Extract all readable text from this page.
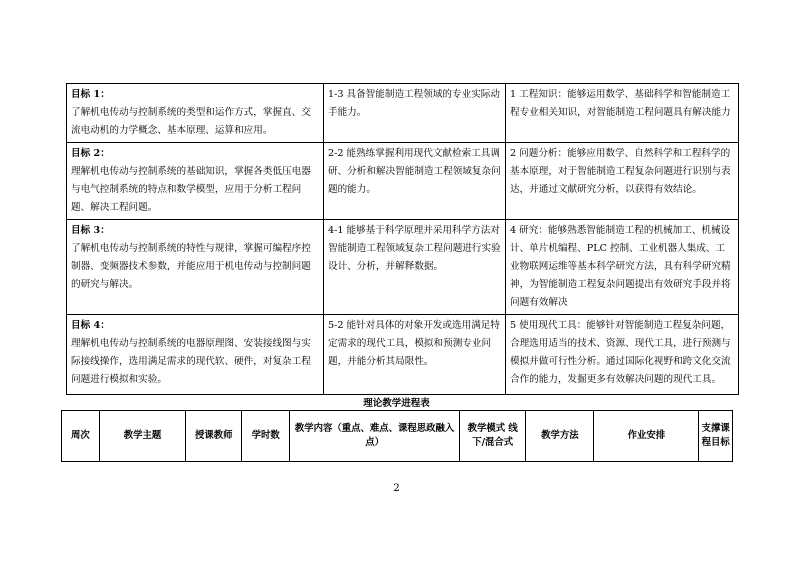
目标 1：
了解机电传动与控制系统的类型和运作方式，掌握直、交流电动机的力学概念、基本原理、运算和应用。	1-3 具备智能制造工程领域的专业实际动手能力。	1 工程知识：能够运用数学、基础科学和智能制造工程专业相关知识，对智能制造工程问题具有解决能力

目标 2：
理解机电传动与控制系统的基础知识，掌握各类低压电器与电气控制系统的特点和数学模型，应用于分析工程问题、解决工程问题。	2-2 能熟练掌握利用现代文献检索工具调研、分析和解决智能制造工程领域复杂问题的能力。	2 问题分析：能够应用数学、自然科学和工程科学的基本原理，对于智能制造工程复杂问题进行识别与表达，并通过文献研究分析，以获得有效结论。

目标 3：
了解机电传动与控制系统的特性与规律，掌握可编程序控制器、变频器技术参数，并能应用于机电传动与控制问题的研究与解决。	4-1 能够基于科学原理并采用科学方法对智能制造工程领域复杂工程问题进行实验设计、分析，并解释数据。	4 研究：能够熟悉智能制造工程的机械加工、机械设计、单片机编程、PLC 控制、工业机器人集成、工业物联网运维等基本科学研究方法，具有科学研究精神，为智能制造工程复杂问题提出有效研究手段并将问题有效解决

目标 4：
理解机电传动与控制系统的电器原理图、安装接线图与实际接线操作，选用满足需求的现代软、硬件，对复杂工程问题进行模拟和实验。	5-2 能针对具体的对象开发或选用满足特定需求的现代工具，模拟和预测专业问题，并能分析其局限性。	5 使用现代工具：能够针对智能制造工程复杂问题，合理选用适当的技术、资源、现代工具，进行预测与模拟并做可行性分析。通过国际化视野和跨文化交流合作的能力，发掘更多有效解决问题的现代工具。
理论教学进程表
周次	教学主题	授课教师	学时数	教学内容（重点、难点、课程思政融入点）	教学模式 线下/混合式	教学方法	作业安排	支撑课程目标
2
